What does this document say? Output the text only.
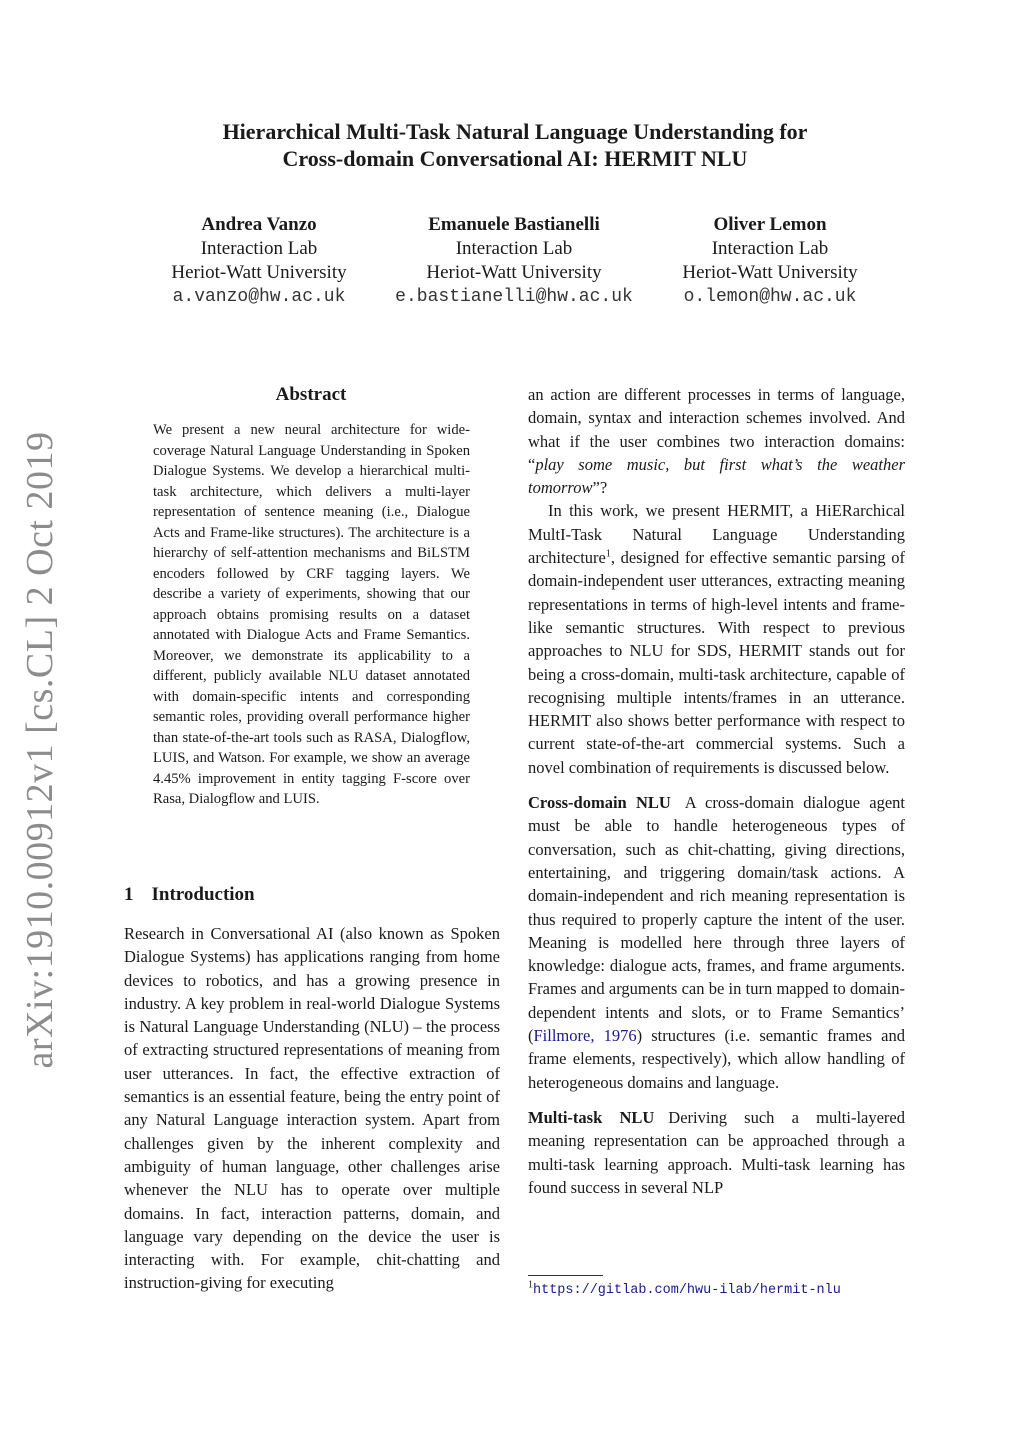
arXiv:1910.00912v1 [cs.CL] 2 Oct 2019
Hierarchical Multi-Task Natural Language Understanding for
Cross-domain Conversational AI: HERMIT NLU
Andrea Vanzo
Interaction Lab
Heriot-Watt University
a.vanzo@hw.ac.uk
Emanuele Bastianelli
Interaction Lab
Heriot-Watt University
e.bastianelli@hw.ac.uk
Oliver Lemon
Interaction Lab
Heriot-Watt University
o.lemon@hw.ac.uk
Abstract
We present a new neural architecture for wide-coverage Natural Language Understanding in Spoken Dialogue Systems. We develop a hierarchical multi-task architecture, which delivers a multi-layer representation of sentence meaning (i.e., Dialogue Acts and Frame-like structures). The architecture is a hierarchy of self-attention mechanisms and BiLSTM encoders followed by CRF tagging layers. We describe a variety of experiments, showing that our approach obtains promising results on a dataset annotated with Dialogue Acts and Frame Semantics. Moreover, we demonstrate its applicability to a different, publicly available NLU dataset annotated with domain-specific intents and corresponding semantic roles, providing overall performance higher than state-of-the-art tools such as RASA, Dialogflow, LUIS, and Watson. For example, we show an average 4.45% improvement in entity tagging F-score over Rasa, Dialogflow and LUIS.
1 Introduction
Research in Conversational AI (also known as Spoken Dialogue Systems) has applications ranging from home devices to robotics, and has a growing presence in industry. A key problem in real-world Dialogue Systems is Natural Language Understanding (NLU) – the process of extracting structured representations of meaning from user utterances. In fact, the effective extraction of semantics is an essential feature, being the entry point of any Natural Language interaction system. Apart from challenges given by the inherent complexity and ambiguity of human language, other challenges arise whenever the NLU has to operate over multiple domains. In fact, interaction patterns, domain, and language vary depending on the device the user is interacting with. For example, chit-chatting and instruction-giving for executing

an action are different processes in terms of language, domain, syntax and interaction schemes involved. And what if the user combines two interaction domains: “play some music, but first what’s the weather tomorrow”?

In this work, we present HERMIT, a HiERarchical MultI-Task Natural Language Understanding architecture$^1$, designed for effective semantic parsing of domain-independent user utterances, extracting meaning representations in terms of high-level intents and frame-like semantic structures. With respect to previous approaches to NLU for SDS, HERMIT stands out for being a cross-domain, multi-task architecture, capable of recognising multiple intents/frames in an utterance. HERMIT also shows better performance with respect to current state-of-the-art commercial systems. Such a novel combination of requirements is discussed below.

Cross-domain NLU A cross-domain dialogue agent must be able to handle heterogeneous types of conversation, such as chit-chatting, giving directions, entertaining, and triggering domain/task actions. A domain-independent and rich meaning representation is thus required to properly capture the intent of the user. Meaning is modelled here through three layers of knowledge: dialogue acts, frames, and frame arguments. Frames and arguments can be in turn mapped to domain-dependent intents and slots, or to Frame Semantics’ (Fillmore, 1976) structures (i.e. semantic frames and frame elements, respectively), which allow handling of heterogeneous domains and language.

Multi-task NLU Deriving such a multi-layered meaning representation can be approached through a multi-task learning approach. Multi-task learning has found success in several NLP

$^1$https://gitlab.com/hwu-ilab/hermit-nlu
